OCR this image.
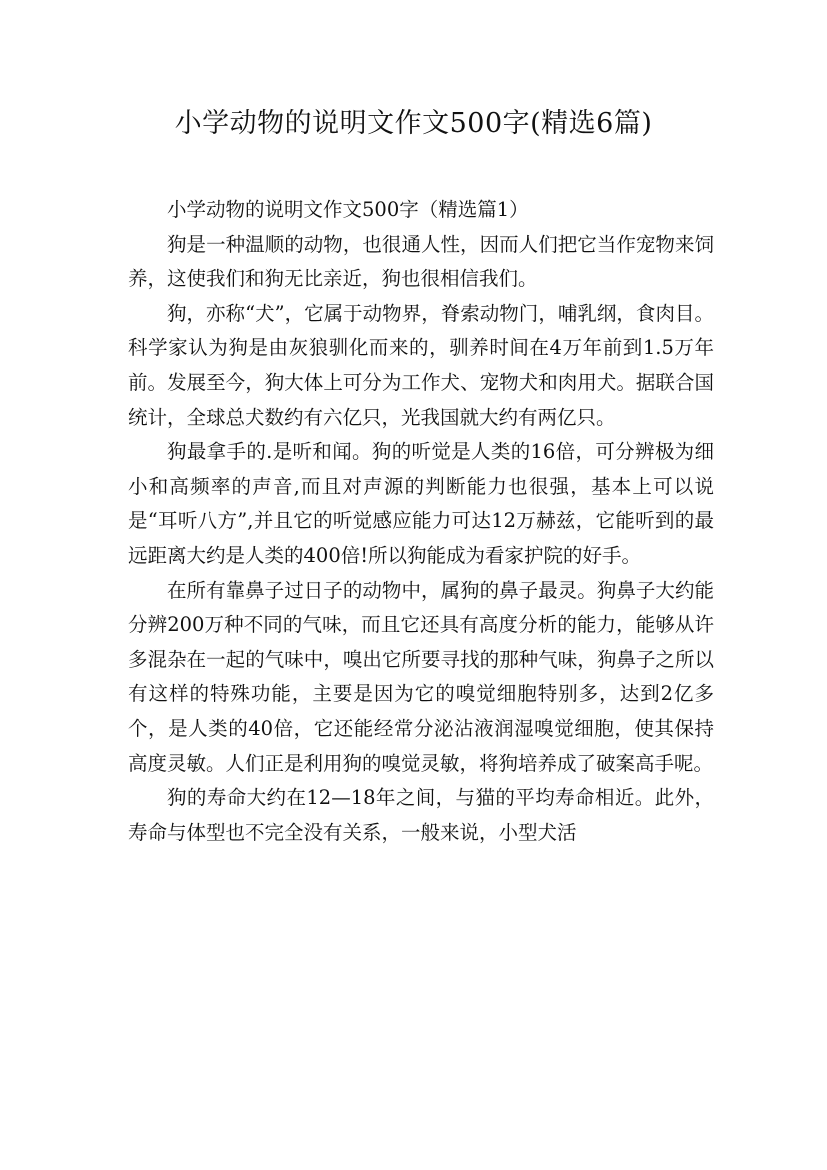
小学动物的说明文作文500字(精选6篇)

小学动物的说明文作文500字（精选篇1）

狗是一种温顺的动物，也很通人性，因而人们把它当作宠物来饲养，这使我们和狗无比亲近，狗也很相信我们。

狗，亦称“犬”，它属于动物界，脊索动物门，哺乳纲，食肉目。科学家认为狗是由灰狼驯化而来的，驯养时间在4万年前到1.5万年前。发展至今，狗大体上可分为工作犬、宠物犬和肉用犬。据联合国统计，全球总犬数约有六亿只，光我国就大约有两亿只。

狗最拿手的.是听和闻。狗的听觉是人类的16倍，可分辨极为细小和高频率的声音,而且对声源的判断能力也很强，基本上可以说是“耳听八方”,并且它的听觉感应能力可达12万赫兹，它能听到的最远距离大约是人类的400倍!所以狗能成为看家护院的好手。

在所有靠鼻子过日子的动物中，属狗的鼻子最灵。狗鼻子大约能分辨200万种不同的气味，而且它还具有高度分析的能力，能够从许多混杂在一起的气味中，嗅出它所要寻找的那种气味，狗鼻子之所以有这样的特殊功能，主要是因为它的嗅觉细胞特别多，达到2亿多个，是人类的40倍，它还能经常分泌沾液润湿嗅觉细胞，使其保持高度灵敏。人们正是利用狗的嗅觉灵敏，将狗培养成了破案高手呢。

狗的寿命大约在12—18年之间，与猫的平均寿命相近。此外，寿命与体型也不完全没有关系，一般来说，小型犬活
